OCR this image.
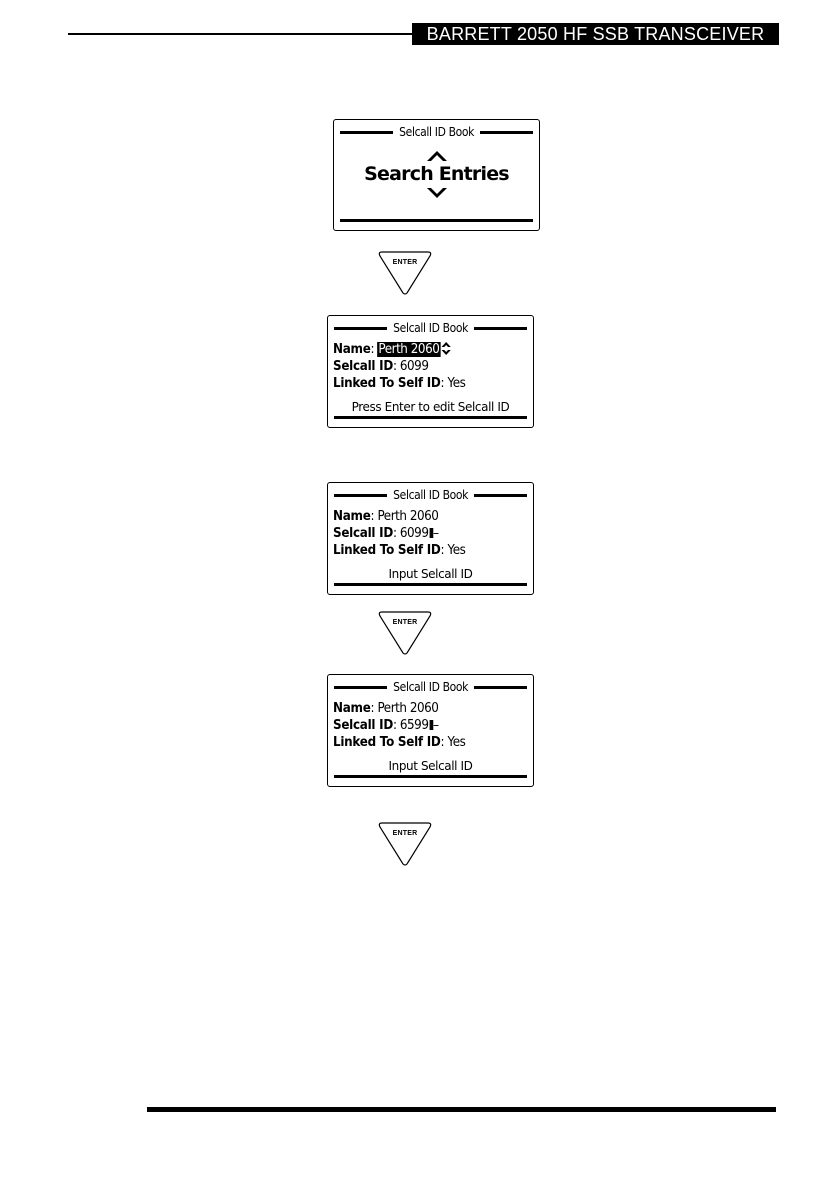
BARRETT 2050 HF SSB TRANSCEIVER
Selcall ID Book
Search Entries
ENTER
Selcall ID Book
Name: Perth 2060
Selcall ID: 6099
Linked To Self ID: Yes
Press Enter to edit Selcall ID
Selcall ID Book
Name: Perth 2060
Selcall ID: 6099 –
Linked To Self ID: Yes
Input Selcall ID
ENTER
Selcall ID Book
Name: Perth 2060
Selcall ID: 6599 –
Linked To Self ID: Yes
Input Selcall ID
ENTER
